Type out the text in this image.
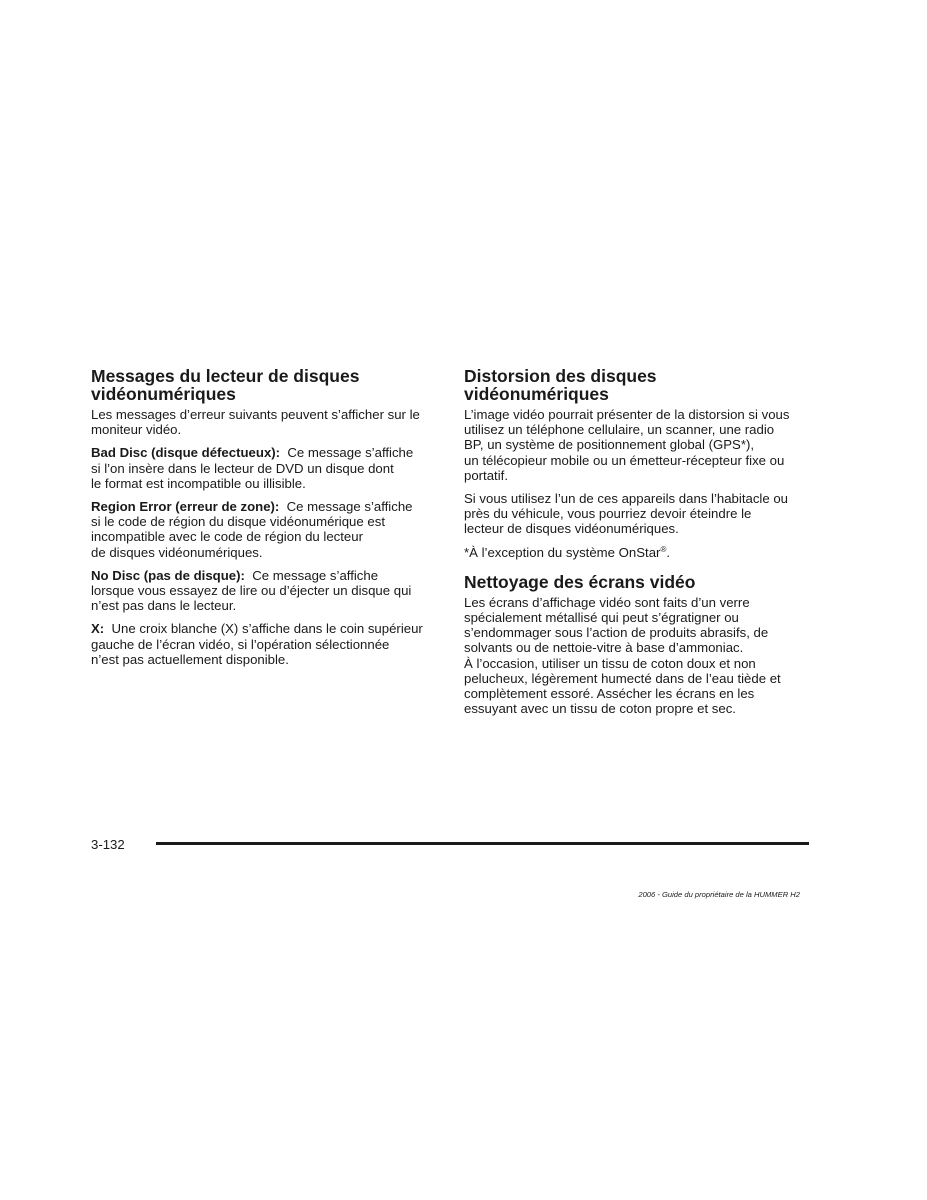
Messages du lecteur de disques
vidéonumériques

Les messages d’erreur suivants peuvent s’afficher sur le
moniteur vidéo.

Bad Disc (disque défectueux): Ce message s’affiche
si l’on insère dans le lecteur de DVD un disque dont
le format est incompatible ou illisible.

Region Error (erreur de zone): Ce message s’affiche
si le code de région du disque vidéonumérique est
incompatible avec le code de région du lecteur
de disques vidéonumériques.

No Disc (pas de disque): Ce message s’affiche
lorsque vous essayez de lire ou d’éjecter un disque qui
n’est pas dans le lecteur.

X: Une croix blanche (X) s’affiche dans le coin supérieur
gauche de l’écran vidéo, si l’opération sélectionnée
n’est pas actuellement disponible.

Distorsion des disques
vidéonumériques

L’image vidéo pourrait présenter de la distorsion si vous
utilisez un téléphone cellulaire, un scanner, une radio
BP, un système de positionnement global (GPS*),
un télécopieur mobile ou un émetteur-récepteur fixe ou
portatif.

Si vous utilisez l’un de ces appareils dans l’habitacle ou
près du véhicule, vous pourriez devoir éteindre le
lecteur de disques vidéonumériques.

*À l’exception du système OnStar®.

Nettoyage des écrans vidéo

Les écrans d’affichage vidéo sont faits d’un verre
spécialement métallisé qui peut s’égratigner ou
s’endommager sous l’action de produits abrasifs, de
solvants ou de nettoie-vitre à base d’ammoniac.
À l’occasion, utiliser un tissu de coton doux et non
pelucheux, légèrement humecté dans de l’eau tiède et
complètement essoré. Assécher les écrans en les
essuyant avec un tissu de coton propre et sec.

3-132
2006 - Guide du propriétaire de la HUMMER H2
